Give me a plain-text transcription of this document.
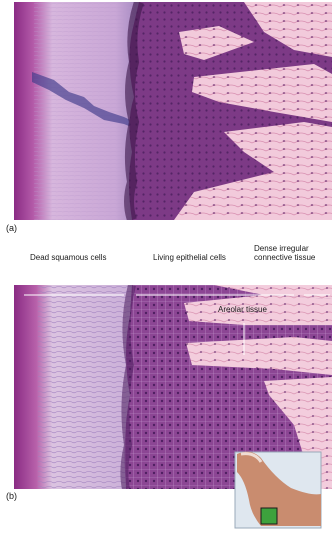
(a)
Dead squamous cells	Living epithelial cells
Dense irregular
connective tissue
Areolar tissue
(b)
